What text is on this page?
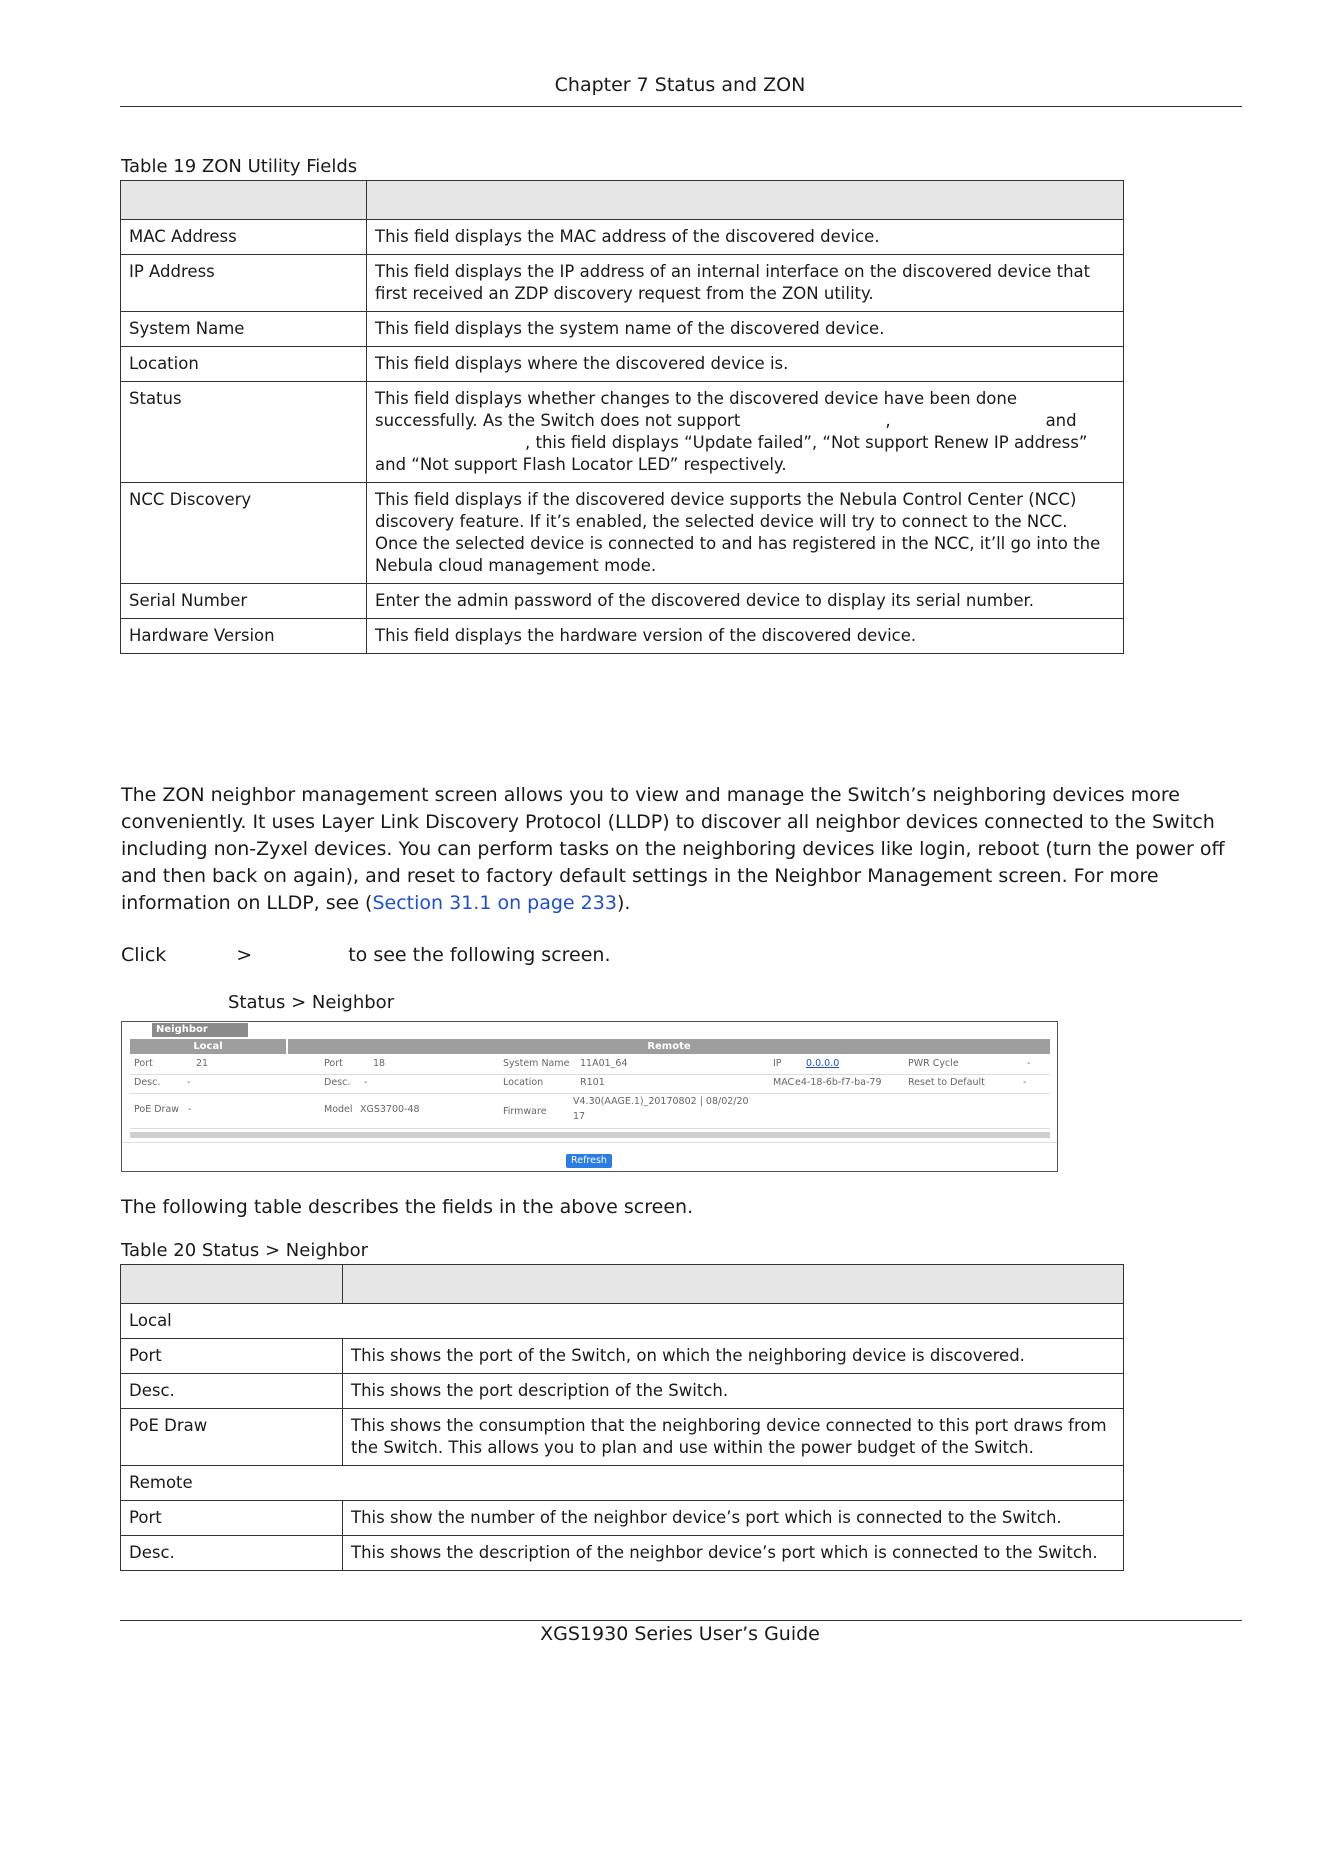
Chapter 7 Status and ZON
Table 19 ZON Utility Fields

MAC Address	This field displays the MAC address of the discovered device.
IP Address	This field displays the IP address of an internal interface on the discovered device that first received an ZDP discovery request from the ZON utility.
System Name	This field displays the system name of the discovered device.
Location	This field displays where the discovered device is.
Status	This field displays whether changes to the discovered device have been done successfully. As the Switch does not support , and
, this field displays “Update failed”, “Not support Renew IP address” and “Not support Flash Locator LED” respectively.
NCC Discovery	This field displays if the discovered device supports the Nebula Control Center (NCC) discovery feature. If it’s enabled, the selected device will try to connect to the NCC. Once the selected device is connected to and has registered in the NCC, it’ll go into the Nebula cloud management mode.
Serial Number	Enter the admin password of the discovered device to display its serial number.
Hardware Version	This field displays the hardware version of the discovered device.
The ZON neighbor management screen allows you to view and manage the Switch’s neighboring devices more conveniently. It uses Layer Link Discovery Protocol (LLDP) to discover all neighbor devices connected to the Switch including non-Zyxel devices. You can perform tasks on the neighboring devices like login, reboot (turn the power off and then back on again), and reset to factory default settings in the Neighbor Management screen. For more information on LLDP, see (Section 31.1 on page 233).
Click	>	to see the following screen.
Status > Neighbor
Neighbor
Local	Remote
Port	21	Port	18	System Name 11A01_64	IP	0.0.0.0	PWR Cycle	-
Desc.	-	Desc. -	Location	R101	MAC e4-18-6b-f7-ba-79	Reset to Default	-
PoE Draw -	Model XGS3700-48	Firmware
V4.30(AAGE.1)_20170802 | 08/02/20
17
Refresh
The following table describes the fields in the above screen.
Table 20 Status > Neighbor

Local	
Port	This shows the port of the Switch, on which the neighboring device is discovered.
Desc.	This shows the port description of the Switch.
PoE Draw	This shows the consumption that the neighboring device connected to this port draws from the Switch. This allows you to plan and use within the power budget of the Switch.
Remote	
Port	This show the number of the neighbor device’s port which is connected to the Switch.
Desc.	This shows the description of the neighbor device’s port which is connected to the Switch.
XGS1930 Series User’s Guide
